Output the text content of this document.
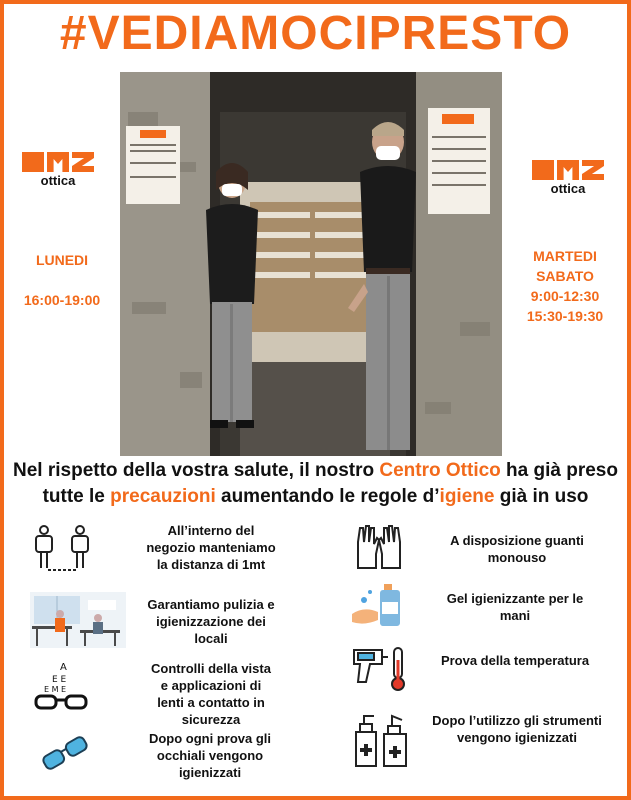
#VEDIAMOCIPRESTO
ottica
ottica
LUNEDI
16:00-19:00
MARTEDI
SABATO
9:00-12:30
15:30-19:30
Nel rispetto della vostra salute, il nostro Centro Ottico ha già preso tutte le precauzioni aumentando le regole d’igiene già in uso
A
E E
E M E
All’interno del negozio manteniamo la distanza di 1mt
Garantiamo pulizia e igienizzazione dei locali
Controlli della vista e applicazioni di lenti a contatto in sicurezza
Dopo ogni prova gli occhiali vengono igienizzati
A disposizione guanti monouso
Gel igienizzante per le mani
Prova della temperatura
Dopo l’utilizzo gli strumenti vengono igienizzati
